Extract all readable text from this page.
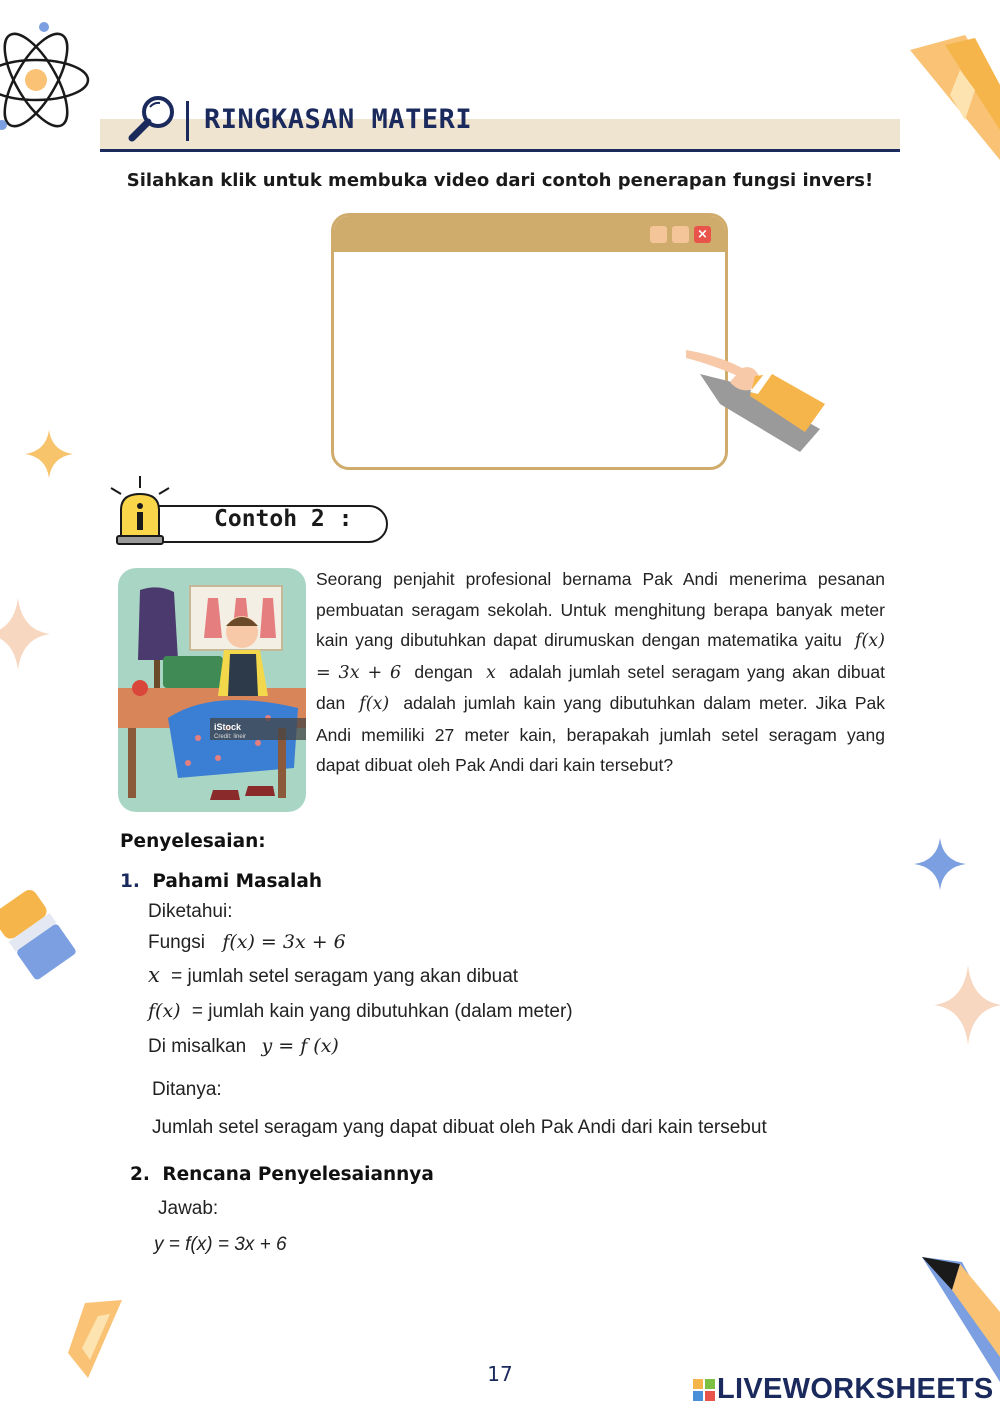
RINGKASAN MATERI
Silahkan klik untuk membuka video dari contoh penerapan fungsi invers!
×
Contoh 2 :
iStock
Credit: lineir
Seorang penjahit profesional bernama Pak Andi menerima pesanan pembuatan seragam sekolah. Untuk menghitung berapa banyak meter kain yang dibutuhkan dapat dirumuskan dengan matematika yaitu f(x) = 3x + 6 dengan x adalah jumlah setel seragam yang akan dibuat dan f(x) adalah jumlah kain yang dibutuhkan dalam meter. Jika Pak Andi memiliki 27 meter kain, berapakah jumlah setel seragam yang dapat dibuat oleh Pak Andi dari kain tersebut?
Penyelesaian:
1. Pahami Masalah
Diketahui:
Fungsi f(x) = 3x + 6
x = jumlah setel seragam yang akan dibuat
f(x) = jumlah kain yang dibutuhkan (dalam meter)
Di misalkan y = f (x)
Ditanya:
Jumlah setel seragam yang dapat dibuat oleh Pak Andi dari kain tersebut
2. Rencana Penyelesaiannya
Jawab:
y = f(x) = 3x + 6
17	LIVEWORKSHEETS
